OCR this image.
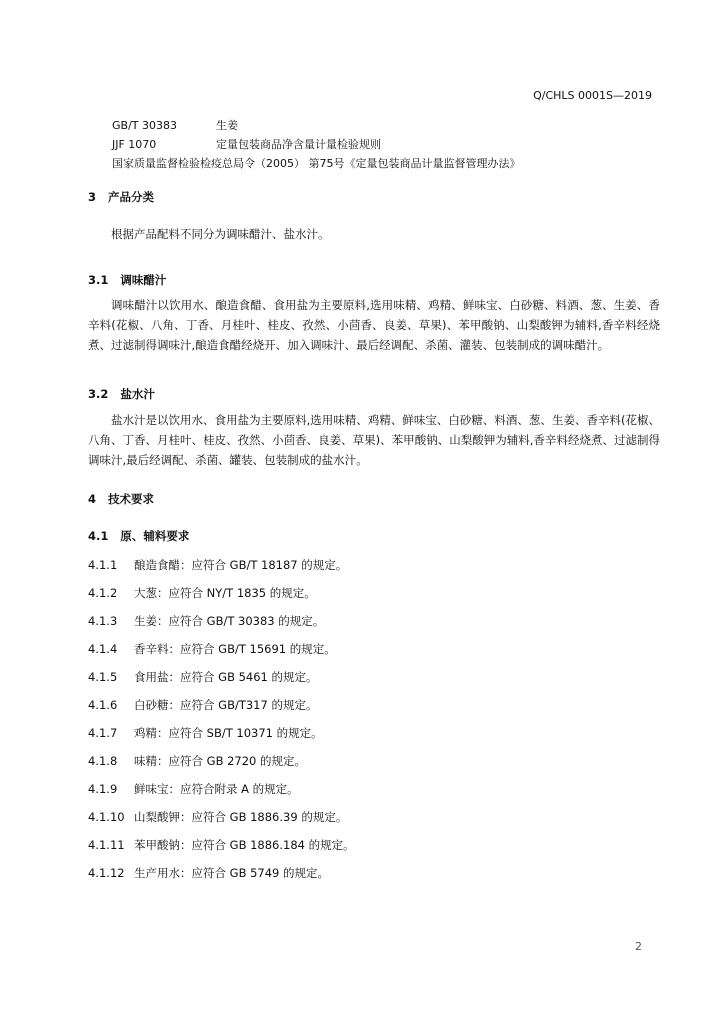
Q/CHLS 0001S—2019
GB/T 30383	生姜
JJF 1070	定量包装商品净含量计量检验规则
国家质量监督检验检疫总局令（2005） 第75号《定量包装商品计量监督管理办法》
3 产品分类
根据产品配料不同分为调味醋汁、盐水汁。
3.1 调味醋汁
调味醋汁以饮用水、酿造食醋、食用盐为主要原料,选用味精、鸡精、鲜味宝、白砂糖、料酒、葱、生姜、香辛料(花椒、八角、丁香、月桂叶、桂皮、孜然、小茴香、良姜、草果)、苯甲酸钠、山梨酸钾为辅料,香辛料经烧煮、过滤制得调味汁,酿造食醋经烧开、加入调味汁、最后经调配、杀菌、灌装、包装制成的调味醋汁。
3.2 盐水汁
盐水汁是以饮用水、食用盐为主要原料,选用味精、鸡精、鲜味宝、白砂糖、料酒、葱、生姜、香辛料(花椒、八角、丁香、月桂叶、桂皮、孜然、小茴香、良姜、草果)、苯甲酸钠、山梨酸钾为辅料,香辛料经烧煮、过滤制得调味汁,最后经调配、杀菌、罐装、包装制成的盐水汁。
4 技术要求
4.1 原、辅料要求
4.1.1 酿造食醋：应符合 GB/T 18187 的规定。
4.1.2 大葱：应符合 NY/T 1835 的规定。
4.1.3 生姜：应符合 GB/T 30383 的规定。
4.1.4 香辛料：应符合 GB/T 15691 的规定。
4.1.5 食用盐：应符合 GB 5461 的规定。
4.1.6 白砂糖：应符合 GB/T317 的规定。
4.1.7 鸡精：应符合 SB/T 10371 的规定。
4.1.8 味精：应符合 GB 2720 的规定。
4.1.9 鲜味宝：应符合附录 A 的规定。
4.1.10 山梨酸钾：应符合 GB 1886.39 的规定。
4.1.11 苯甲酸钠：应符合 GB 1886.184 的规定。
4.1.12 生产用水：应符合 GB 5749 的规定。
2
